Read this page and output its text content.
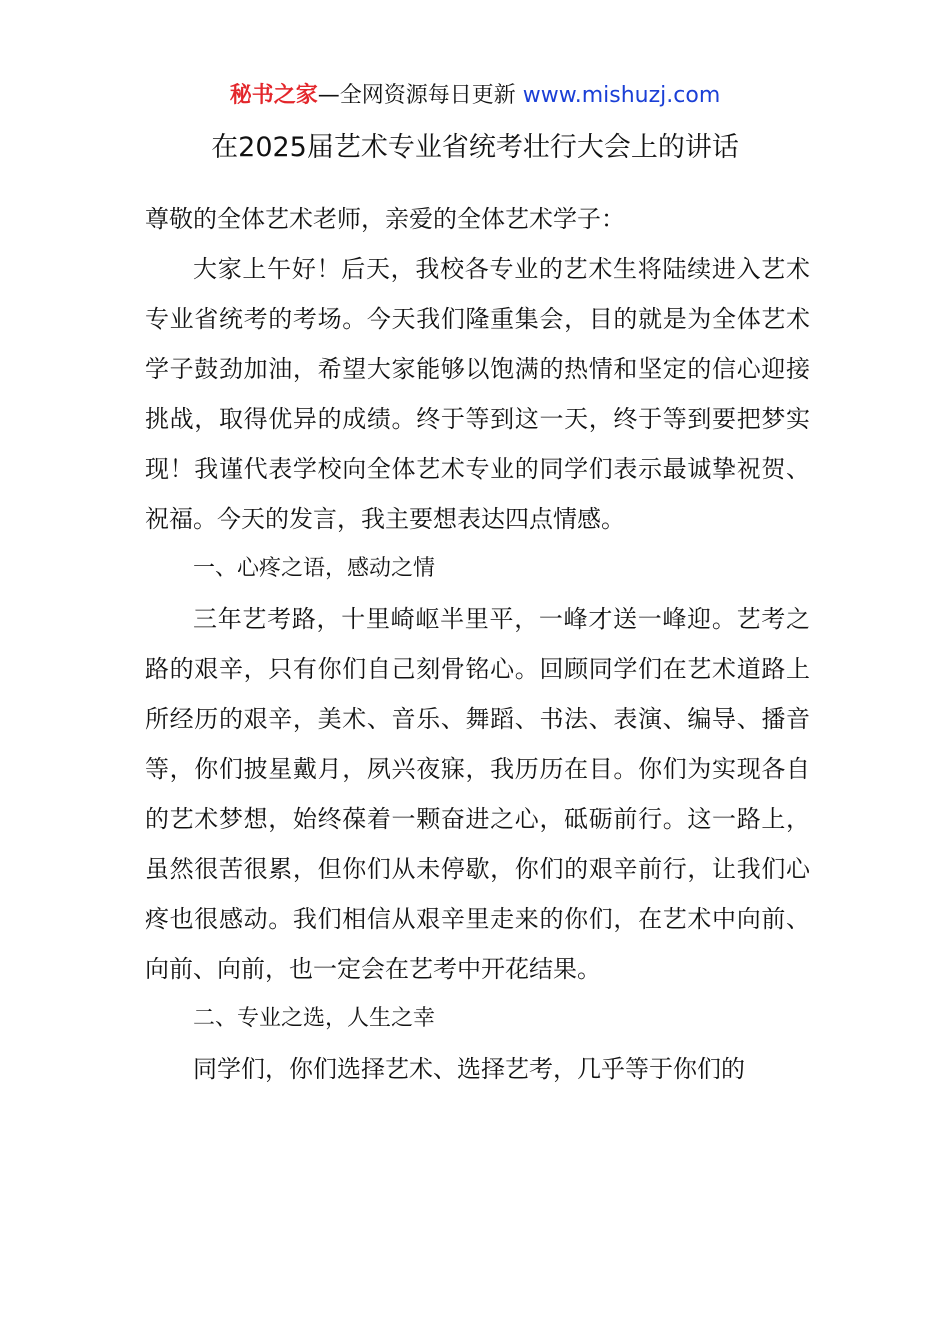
秘书之家—全网资源每日更新 www.mishuzj.com
在2025届艺术专业省统考壮行大会上的讲话

尊敬的全体艺术老师，亲爱的全体艺术学子：

大家上午好！后天，我校各专业的艺术生将陆续进入艺术专业省统考的考场。今天我们隆重集会，目的就是为全体艺术学子鼓劲加油，希望大家能够以饱满的热情和坚定的信心迎接挑战，取得优异的成绩。终于等到这一天，终于等到要把梦实现！我谨代表学校向全体艺术专业的同学们表示最诚挚祝贺、祝福。今天的发言，我主要想表达四点情感。

一、心疼之语，感动之情

三年艺考路，十里崎岖半里平，一峰才送一峰迎。艺考之路的艰辛，只有你们自己刻骨铭心。回顾同学们在艺术道路上所经历的艰辛，美术、音乐、舞蹈、书法、表演、编导、播音等，你们披星戴月，夙兴夜寐，我历历在目。你们为实现各自的艺术梦想，始终葆着一颗奋进之心，砥砺前行。这一路上，虽然很苦很累，但你们从未停歇，你们的艰辛前行，让我们心疼也很感动。我们相信从艰辛里走来的你们，在艺术中向前、向前、向前，也一定会在艺考中开花结果。

二、专业之选，人生之幸

同学们，你们选择艺术、选择艺考，几乎等于你们的
